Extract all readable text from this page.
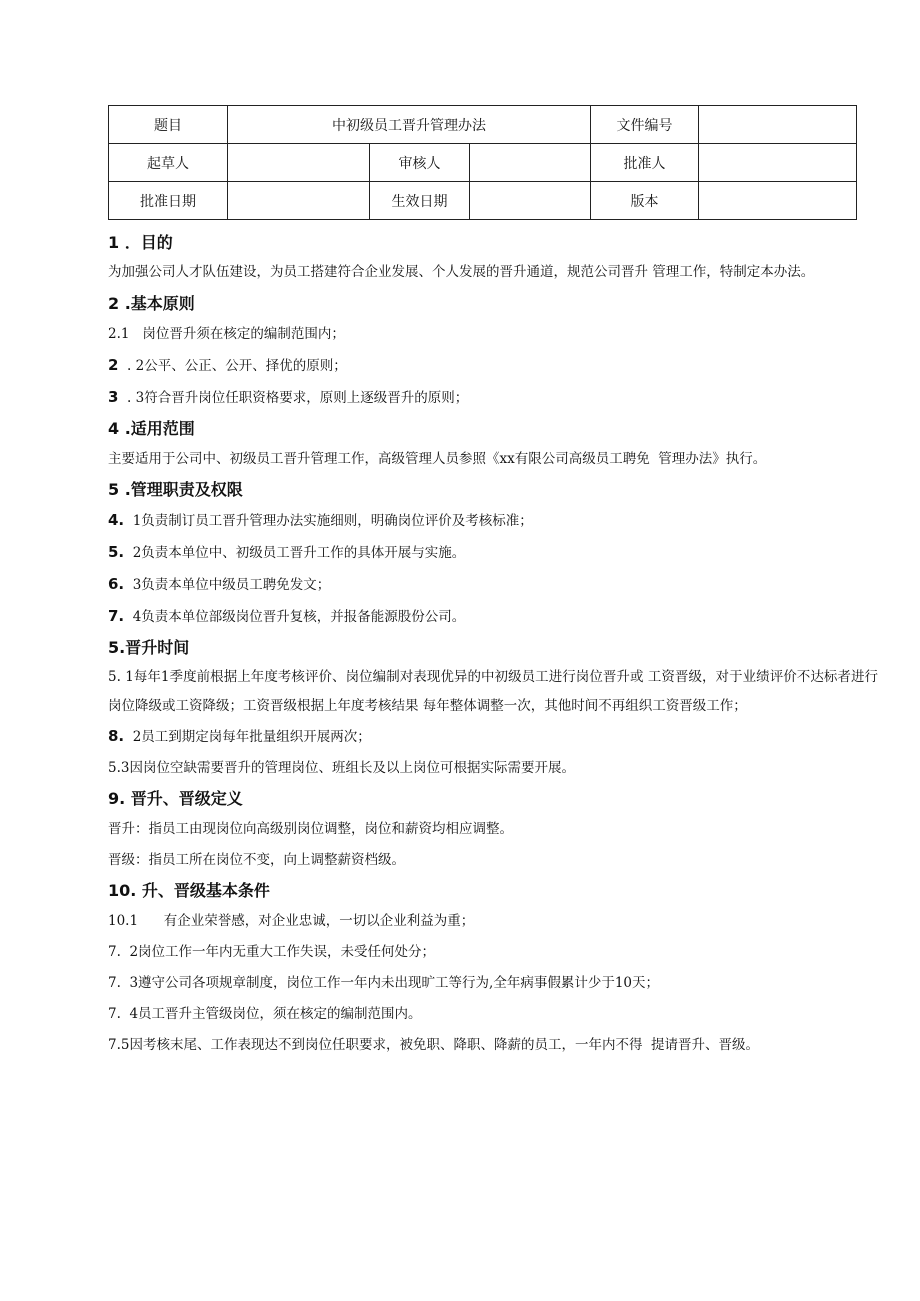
题目	中初级员工晋升管理办法			文件编号	
起草人		审核人		批准人	
批准日期		生效日期		版本	
1 ．目的
为加强公司人才队伍建设，为员工搭建符合企业发展、个人发展的晋升通道，规范公司晋升 管理工作，特制定本办法。
2 .基本原则
2.1   岗位晋升须在核定的编制范围内；
2  . 2公平、公正、公开、择优的原则；
3  . 3符合晋升岗位任职资格要求，原则上逐级晋升的原则；
4 .适用范围
主要适用于公司中、初级员工晋升管理工作，高级管理人员参照《xx有限公司高级员工聘免  管理办法》执行。
5 .管理职责及权限
4.  1负责制订员工晋升管理办法实施细则，明确岗位评价及考核标准；
5.  2负责本单位中、初级员工晋升工作的具体开展与实施。
6.  3负责本单位中级员工聘免发文；
7.  4负责本单位部级岗位晋升复核，并报备能源股份公司。
5.晋升时间
5. 1每年1季度前根据上年度考核评价、岗位编制对表现优异的中初级员工进行岗位晋升或 工资晋级，对于业绩评价不达标者进行岗位降级或工资降级；工资晋级根据上年度考核结果 每年整体调整一次，其他时间不再组织工资晋级工作；
8.  2员工到期定岗每年批量组织开展两次；
5.3因岗位空缺需要晋升的管理岗位、班组长及以上岗位可根据实际需要开展。
9. 晋升、晋级定义
晋升：指员工由现岗位向高级别岗位调整，岗位和薪资均相应调整。
晋级：指员工所在岗位不变，向上调整薪资档级。
10. 升、晋级基本条件
10.1      有企业荣誉感，对企业忠诚，一切以企业利益为重；
7.  2岗位工作一年内无重大工作失误，未受任何处分；
7.  3遵守公司各项规章制度，岗位工作一年内未出现旷工等行为,全年病事假累计少于10天；
7.  4员工晋升主管级岗位，须在核定的编制范围内。
7.5因考核末尾、工作表现达不到岗位任职要求，被免职、降职、降薪的员工，一年内不得  提请晋升、晋级。
